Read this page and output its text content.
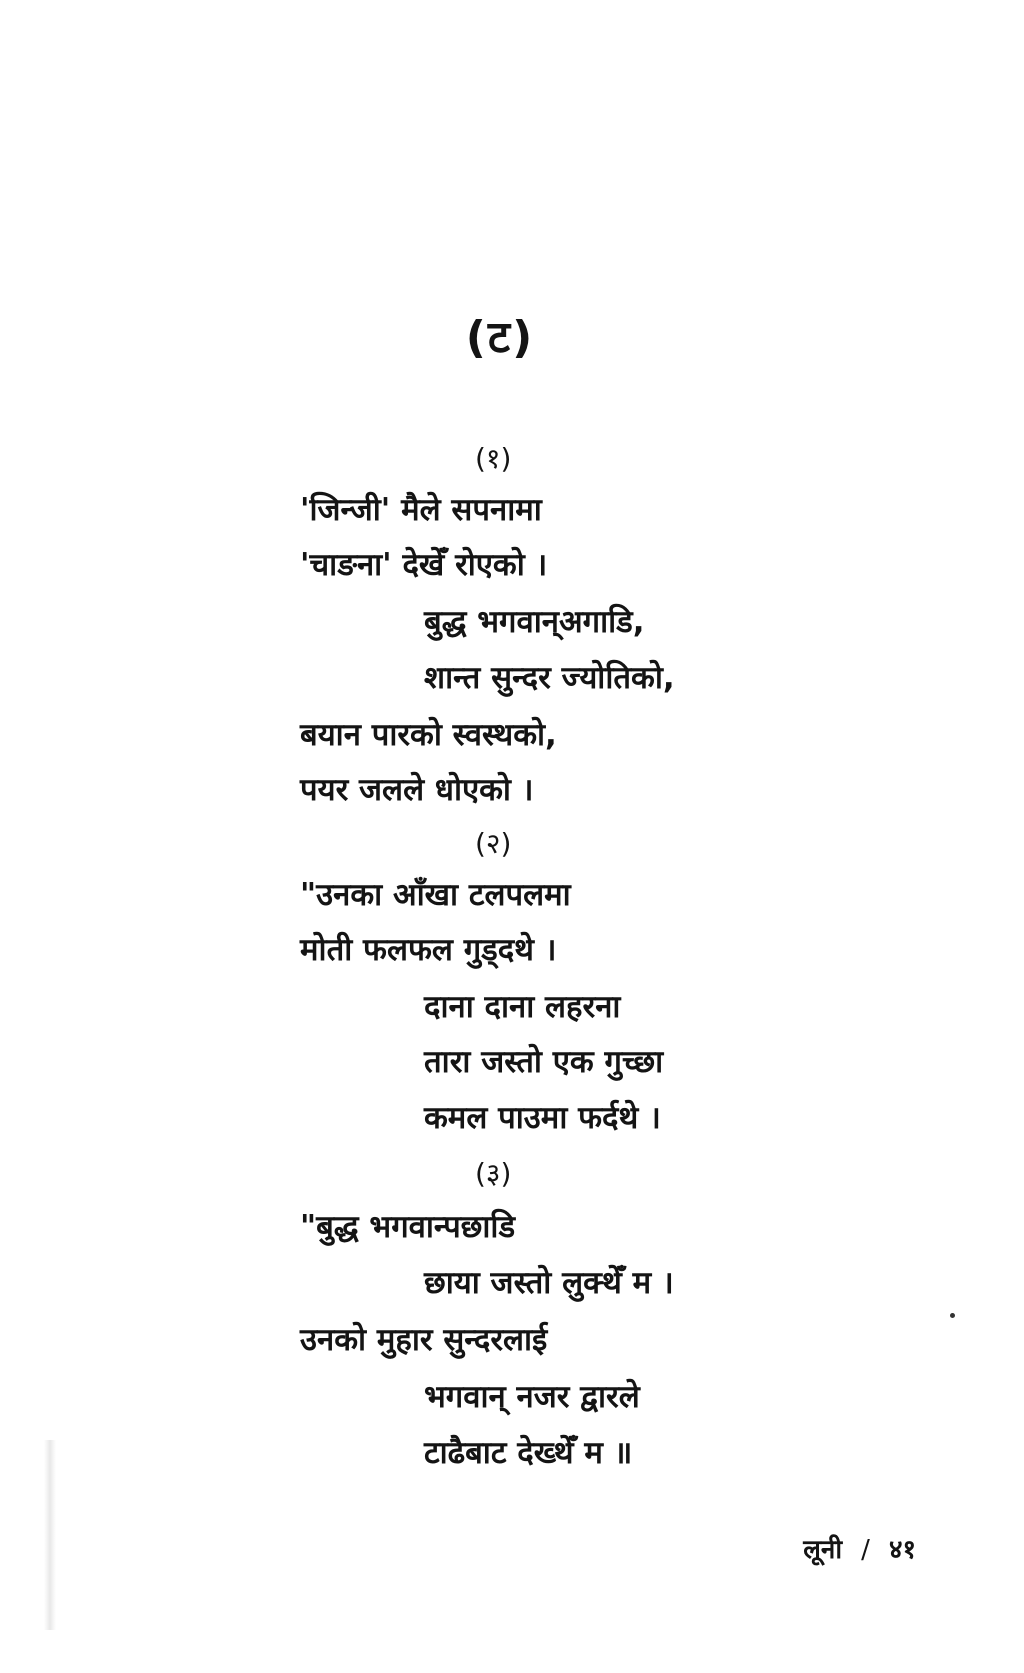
(ट)
(१)
'जिन्जी' मैले सपनामा
'चाङना' देखेँ रोएको ।
बुद्ध भगवान्अगाडि,
शान्त सुन्दर ज्योतिको,
बयान पारको स्वस्थको,
पयर जलले धोएको ।
(२)
"उनका आँखा टलपलमा
मोती फलफल गुड्दथे ।
दाना दाना लहरना
तारा जस्तो एक गुच्छा
कमल पाउमा फर्दथे ।
(३)
"बुद्ध भगवान्पछाडि
छाया जस्तो लुक्थेँ म ।
उनको मुहार सुन्दरलाई
भगवान् नजर द्वारले
टाढैबाट देख्थेँ म ॥
लूनी / ४१
